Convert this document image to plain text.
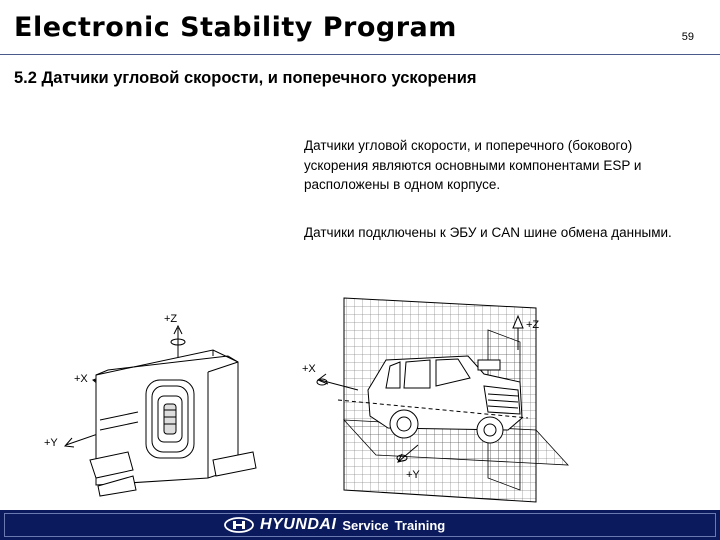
Electronic Stability Program	59
5.2 Датчики угловой скорости, и поперечного ускорения
Датчики угловой скорости, и поперечного (бокового) ускорения являются основными компонентами ESP и расположены в одном корпусе.
Датчики подключены к ЭБУ и CAN шине обмена данными.
+Z
+X
+Y
+Z
+X
+Y
HYUNDAI Service Training
